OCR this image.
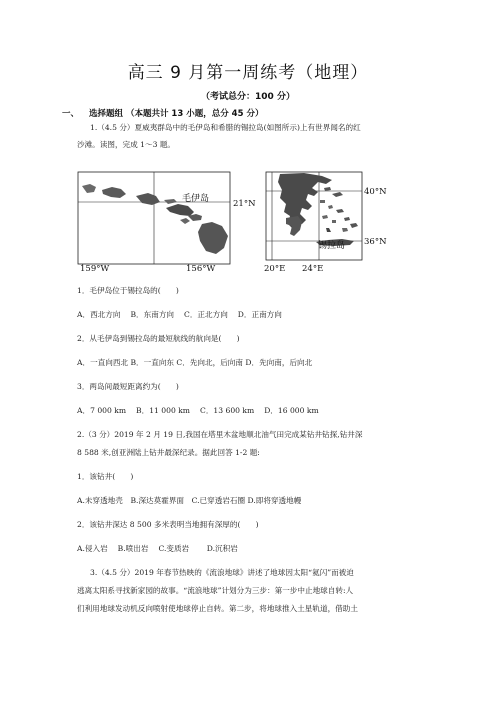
高三 9 月第一周练考（地理）
（考试总分：100 分）
一、 选择题组 （本题共计 13 小题，总分 45 分）
1.（4.5 分）夏威夷群岛中的毛伊岛和希腊的锡拉岛(如图所示)上有世界闻名的红
沙滩。读图，完成 1～3 题。
毛伊岛	21°N
159°W	156°W
锡拉岛
40°N
36°N
20°E 24°E
1．毛伊岛位于锡拉岛的(　　)
A．西北方向　 B．东南方向　 C．正北方向　 D．正南方向
2．从毛伊岛到锡拉岛的最短航线的航向是(　　)
A．一直向西北 B．一直向东 C．先向北，后向南 D．先向南，后向北
3．两岛间最短距离约为(　　)
A．7 000 km　 B．11 000 km　 C．13 600 km　 D．16 000 km
2.（3 分）2019 年 2 月 19 日,我国在塔里木盆地顺北油气田完成某钻井钻探,钻井深
8 588 米,创亚洲陆上钻井最深纪录。据此回答 1-2 题:
1．该钻井(　　)
A.未穿透地壳　B.深达莫霍界面　C.已穿透岩石圈 D.即将穿透地幔
2．该钻井深达 8 500 多米表明当地拥有深厚的(　　)
A.侵入岩　 B.喷出岩　 C.变质岩　　 D.沉积岩
3.（4.5 分）2019 年春节热映的《流浪地球》讲述了地球因太阳“氦闪”而被迫
逃离太阳系寻找新家园的故事。“流浪地球”计划分为三步：第一步中止地球自转:人
们利用地球发动机反向喷射使地球停止自转。第二步，将地球推入土星轨道，借助土
